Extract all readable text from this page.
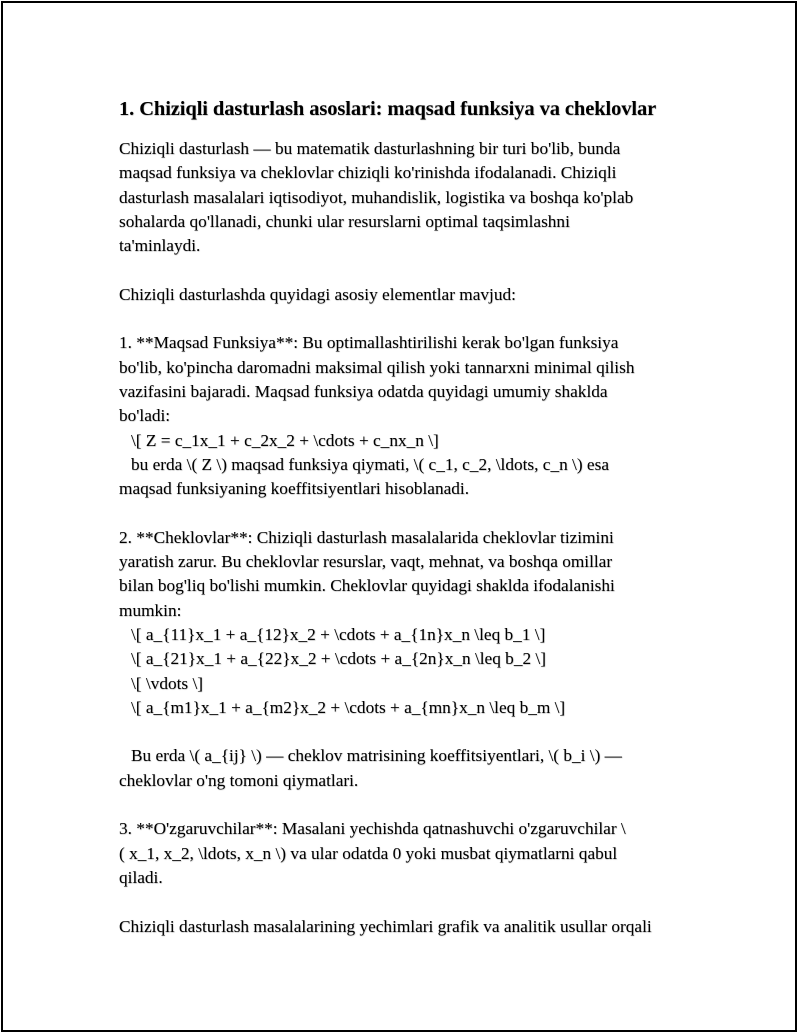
1. Chiziqli dasturlash asoslari: maqsad funksiya va cheklovlar
Chiziqli dasturlash — bu matematik dasturlashning bir turi bo'lib, bunda
maqsad funksiya va cheklovlar chiziqli ko'rinishda ifodalanadi. Chiziqli
dasturlash masalalari iqtisodiyot, muhandislik, logistika va boshqa ko'plab
sohalarda qo'llanadi, chunki ular resurslarni optimal taqsimlashni
ta'minlaydi.
Chiziqli dasturlashda quyidagi asosiy elementlar mavjud:
1. **Maqsad Funksiya**: Bu optimallashtirilishi kerak bo'lgan funksiya
bo'lib, ko'pincha daromadni maksimal qilish yoki tannarxni minimal qilish
vazifasini bajaradi. Maqsad funksiya odatda quyidagi umumiy shaklda
bo'ladi:
\[ Z = c_1x_1 + c_2x_2 + \cdots + c_nx_n \]
bu erda \( Z \) maqsad funksiya qiymati, \( c_1, c_2, \ldots, c_n \) esa
maqsad funksiyaning koeffitsiyentlari hisoblanadi.
2. **Cheklovlar**: Chiziqli dasturlash masalalarida cheklovlar tizimini
yaratish zarur. Bu cheklovlar resurslar, vaqt, mehnat, va boshqa omillar
bilan bog'liq bo'lishi mumkin. Cheklovlar quyidagi shaklda ifodalanishi
mumkin:
\[ a_{11}x_1 + a_{12}x_2 + \cdots + a_{1n}x_n \leq b_1 \]
\[ a_{21}x_1 + a_{22}x_2 + \cdots + a_{2n}x_n \leq b_2 \]
\[ \vdots \]
\[ a_{m1}x_1 + a_{m2}x_2 + \cdots + a_{mn}x_n \leq b_m \]
Bu erda \( a_{ij} \) — cheklov matrisining koeffitsiyentlari, \( b_i \) —
cheklovlar o'ng tomoni qiymatlari.
3. **O'zgaruvchilar**: Masalani yechishda qatnashuvchi o'zgaruvchilar \
( x_1, x_2, \ldots, x_n \) va ular odatda 0 yoki musbat qiymatlarni qabul
qiladi.
Chiziqli dasturlash masalalarining yechimlari grafik va analitik usullar orqali
